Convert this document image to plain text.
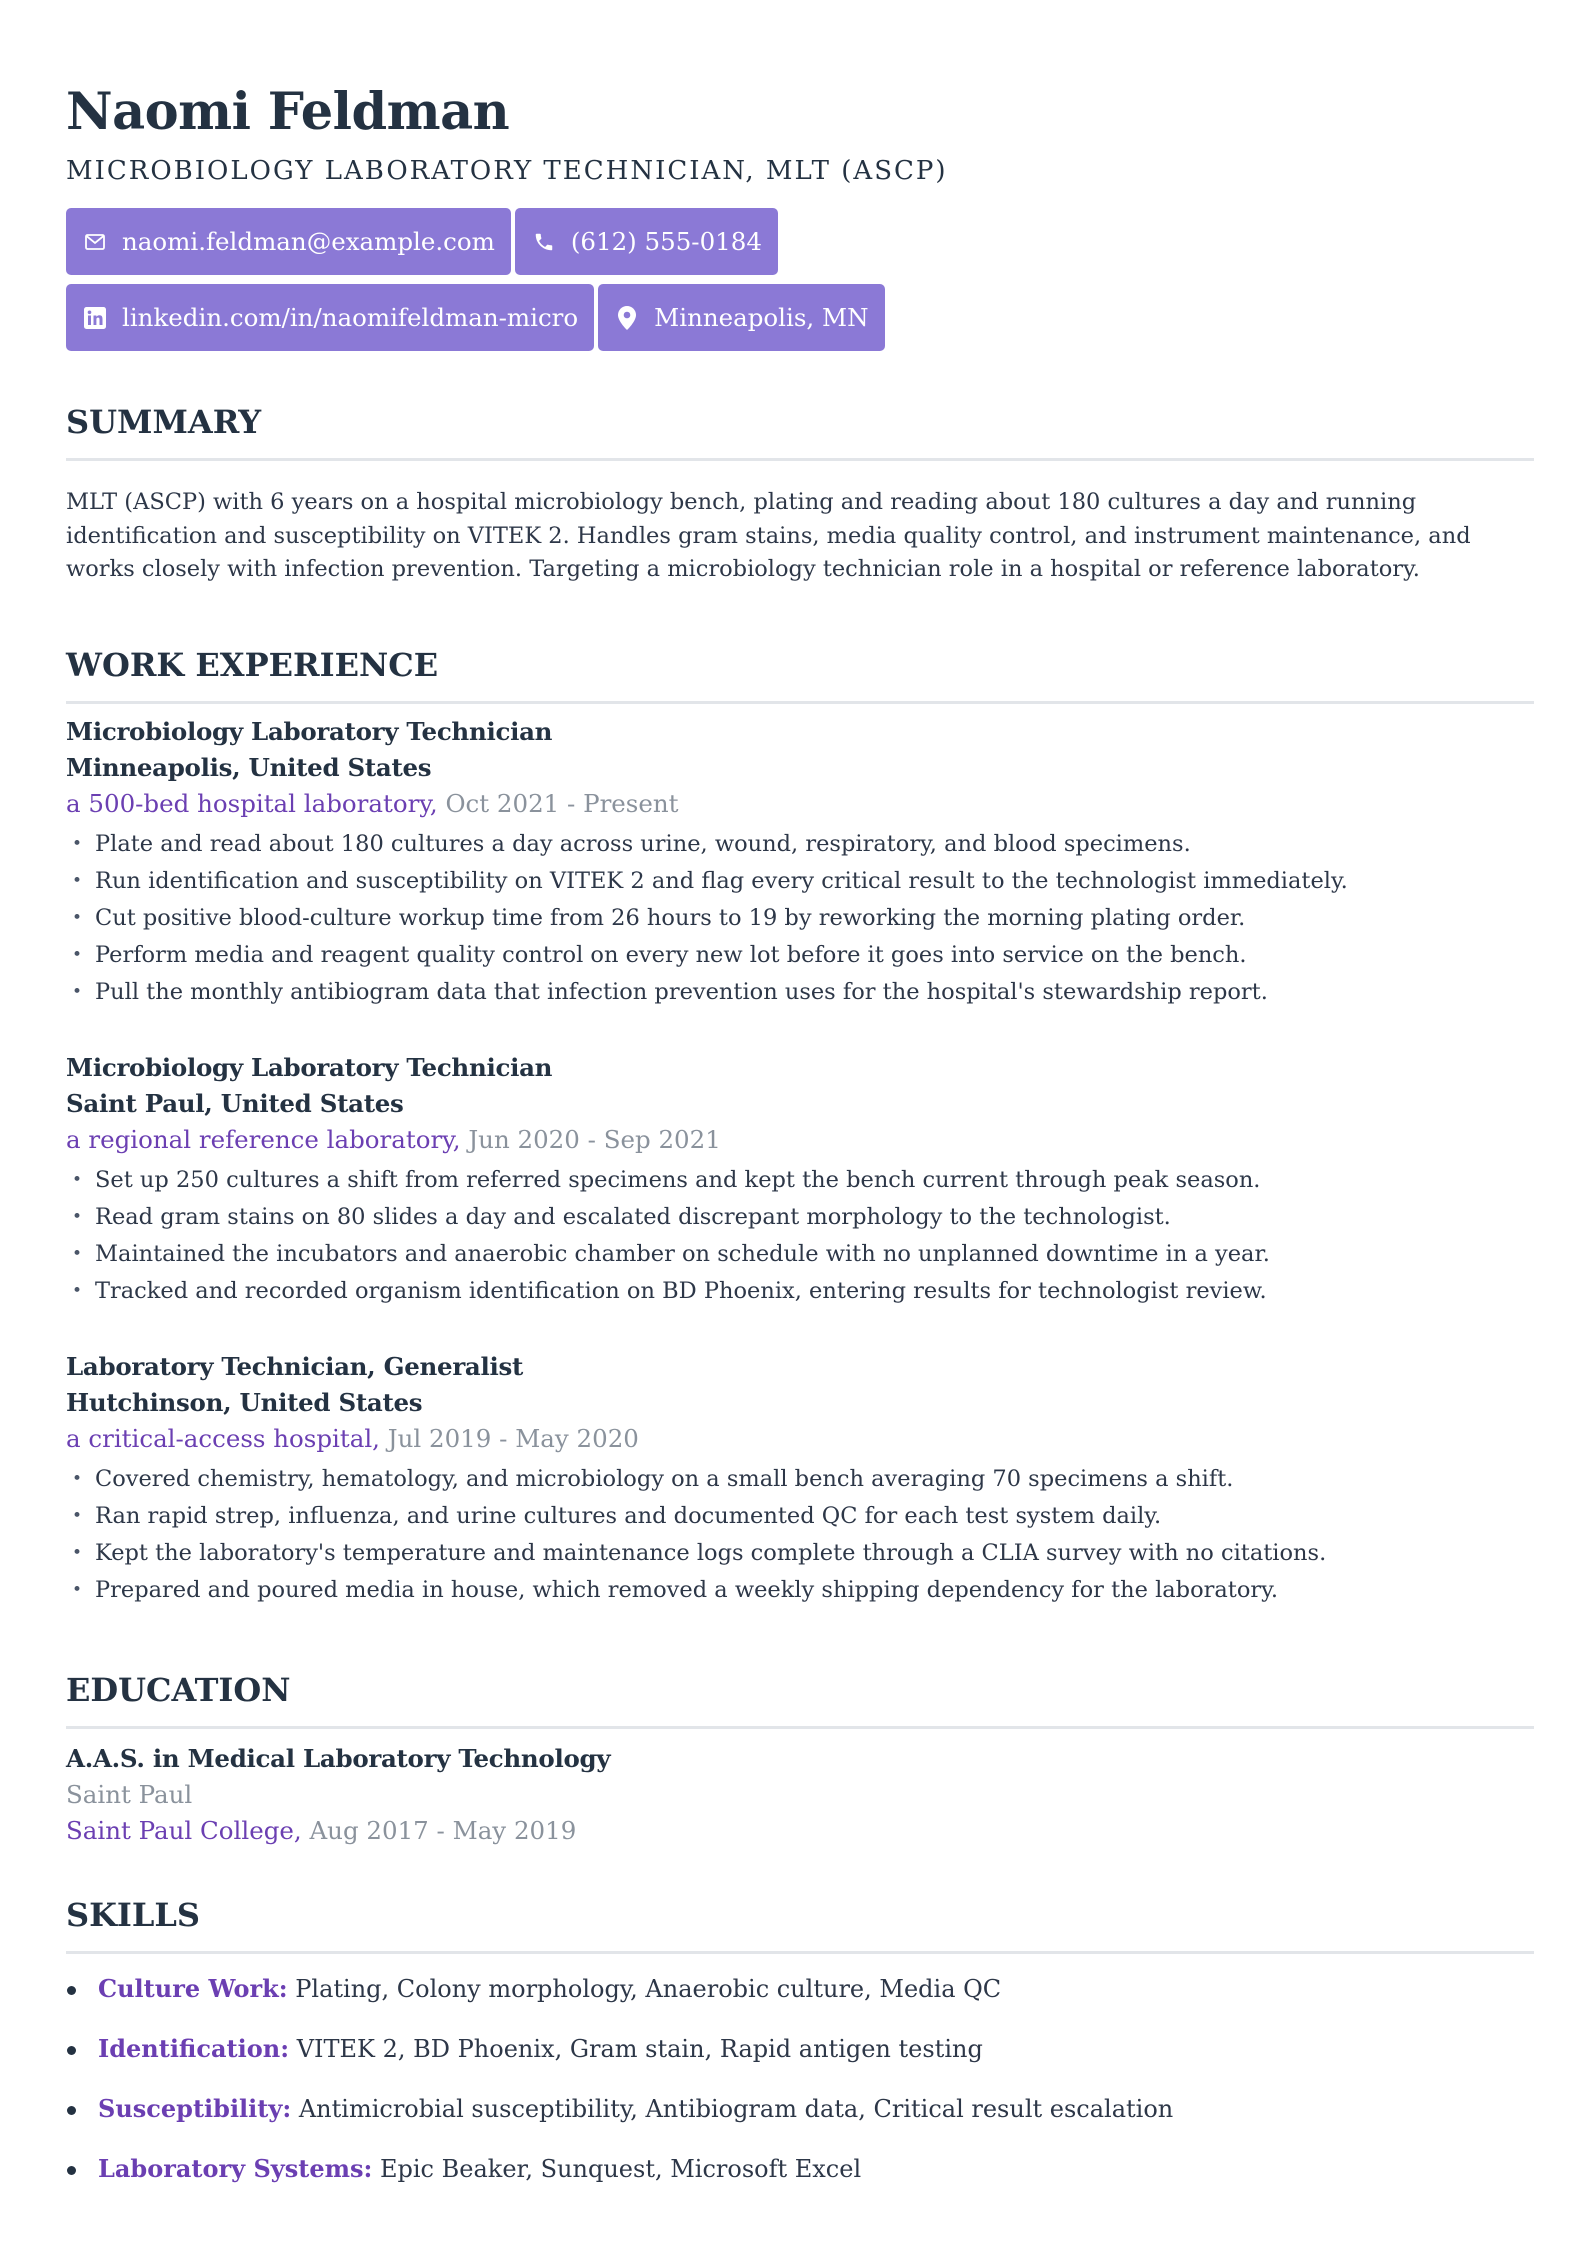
Naomi Feldman
MICROBIOLOGY LABORATORY TECHNICIAN, MLT (ASCP)
naomi.feldman@example.com	(612) 555-0184

linkedin.com/in/naomifeldman-micro	Minneapolis, MN
SUMMARY
MLT (ASCP) with 6 years on a hospital microbiology bench, plating and reading about 180 cultures a day and running identification and susceptibility on VITEK 2. Handles gram stains, media quality control, and instrument maintenance, and works closely with infection prevention. Targeting a microbiology technician role in a hospital or reference laboratory.
WORK EXPERIENCE
Microbiology Laboratory Technician
Minneapolis, United States
a 500-bed hospital laboratory, Oct 2021 - Present
• Plate and read about 180 cultures a day across urine, wound, respiratory, and blood specimens.
• Run identification and susceptibility on VITEK 2 and flag every critical result to the technologist immediately.
• Cut positive blood-culture workup time from 26 hours to 19 by reworking the morning plating order.
• Perform media and reagent quality control on every new lot before it goes into service on the bench.
• Pull the monthly antibiogram data that infection prevention uses for the hospital's stewardship report.
Microbiology Laboratory Technician
Saint Paul, United States
a regional reference laboratory, Jun 2020 - Sep 2021
• Set up 250 cultures a shift from referred specimens and kept the bench current through peak season.
• Read gram stains on 80 slides a day and escalated discrepant morphology to the technologist.
• Maintained the incubators and anaerobic chamber on schedule with no unplanned downtime in a year.
• Tracked and recorded organism identification on BD Phoenix, entering results for technologist review.
Laboratory Technician, Generalist
Hutchinson, United States
a critical-access hospital, Jul 2019 - May 2020
• Covered chemistry, hematology, and microbiology on a small bench averaging 70 specimens a shift.
• Ran rapid strep, influenza, and urine cultures and documented QC for each test system daily.
• Kept the laboratory's temperature and maintenance logs complete through a CLIA survey with no citations.
• Prepared and poured media in house, which removed a weekly shipping dependency for the laboratory.
EDUCATION
A.A.S. in Medical Laboratory Technology
Saint Paul
Saint Paul College, Aug 2017 - May 2019
SKILLS
Culture Work: Plating, Colony morphology, Anaerobic culture, Media QC
Identification: VITEK 2, BD Phoenix, Gram stain, Rapid antigen testing
Susceptibility: Antimicrobial susceptibility, Antibiogram data, Critical result escalation
Laboratory Systems: Epic Beaker, Sunquest, Microsoft Excel
